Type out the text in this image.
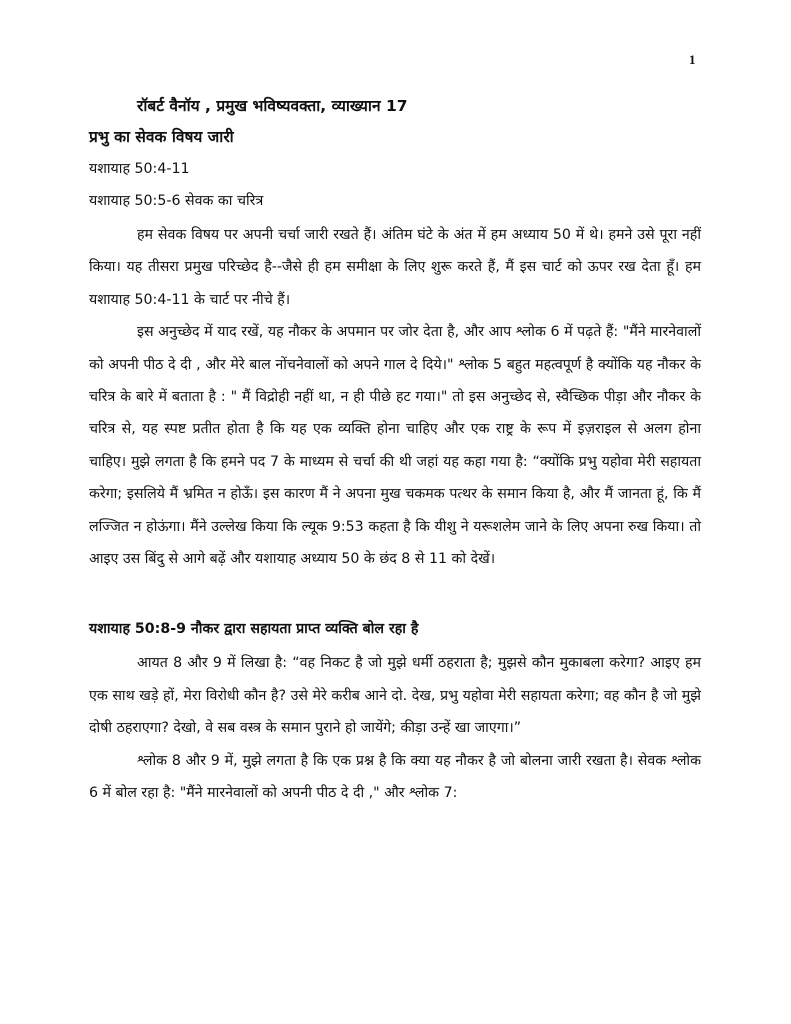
1

रॉबर्ट वैनॉय , प्रमुख भविष्यवक्ता, व्याख्यान 17

प्रभु का सेवक विषय जारी

यशायाह 50:4-11

यशायाह 50:5-6 सेवक का चरित्र

हम सेवक विषय पर अपनी चर्चा जारी रखते हैं। अंतिम घंटे के अंत में हम अध्याय 50 में थे। हमने उसे पूरा नहीं किया। यह तीसरा प्रमुख परिच्छेद है--जैसे ही हम समीक्षा के लिए शुरू करते हैं, मैं इस चार्ट को ऊपर रख देता हूँ। हम यशायाह 50:4-11 के चार्ट पर नीचे हैं।

इस अनुच्छेद में याद रखें, यह नौकर के अपमान पर जोर देता है, और आप श्लोक 6 में पढ़ते हैं: "मैंने मारनेवालों को अपनी पीठ दे दी , और मेरे बाल नोंचनेवालों को अपने गाल दे दिये।" श्लोक 5 बहुत महत्वपूर्ण है क्योंकि यह नौकर के चरित्र के बारे में बताता है : " मैं विद्रोही नहीं था, न ही पीछे हट गया।" तो इस अनुच्छेद से, स्वैच्छिक पीड़ा और नौकर के चरित्र से, यह स्पष्ट प्रतीत होता है कि यह एक व्यक्ति होना चाहिए और एक राष्ट्र के रूप में इज़राइल से अलग होना चाहिए। मुझे लगता है कि हमने पद 7 के माध्यम से चर्चा की थी जहां यह कहा गया है: “क्योंकि प्रभु यहोवा मेरी सहायता करेगा; इसलिये मैं भ्रमित न होऊँ। इस कारण मैं ने अपना मुख चकमक पत्थर के समान किया है, और मैं जानता हूं, कि मैं लज्जित न होऊंगा। मैंने उल्लेख किया कि ल्यूक 9:53 कहता है कि यीशु ने यरूशलेम जाने के लिए अपना रुख किया। तो आइए उस बिंदु से आगे बढ़ें और यशायाह अध्याय 50 के छंद 8 से 11 को देखें।

यशायाह 50:8-9 नौकर द्वारा सहायता प्राप्त व्यक्ति बोल रहा है

आयत 8 और 9 में लिखा है: “वह निकट है जो मुझे धर्मी ठहराता है; मुझसे कौन मुकाबला करेगा? आइए हम एक साथ खड़े हों, मेरा विरोधी कौन है? उसे मेरे करीब आने दो. देख, प्रभु यहोवा मेरी सहायता करेगा; वह कौन है जो मुझे दोषी ठहराएगा? देखो, वे सब वस्त्र के समान पुराने हो जायेंगे; कीड़ा उन्हें खा जाएगा।”

श्लोक 8 और 9 में, मुझे लगता है कि एक प्रश्न है कि क्या यह नौकर है जो बोलना जारी रखता है। सेवक श्लोक 6 में बोल रहा है: "मैंने मारनेवालों को अपनी पीठ दे दी ," और श्लोक 7:
